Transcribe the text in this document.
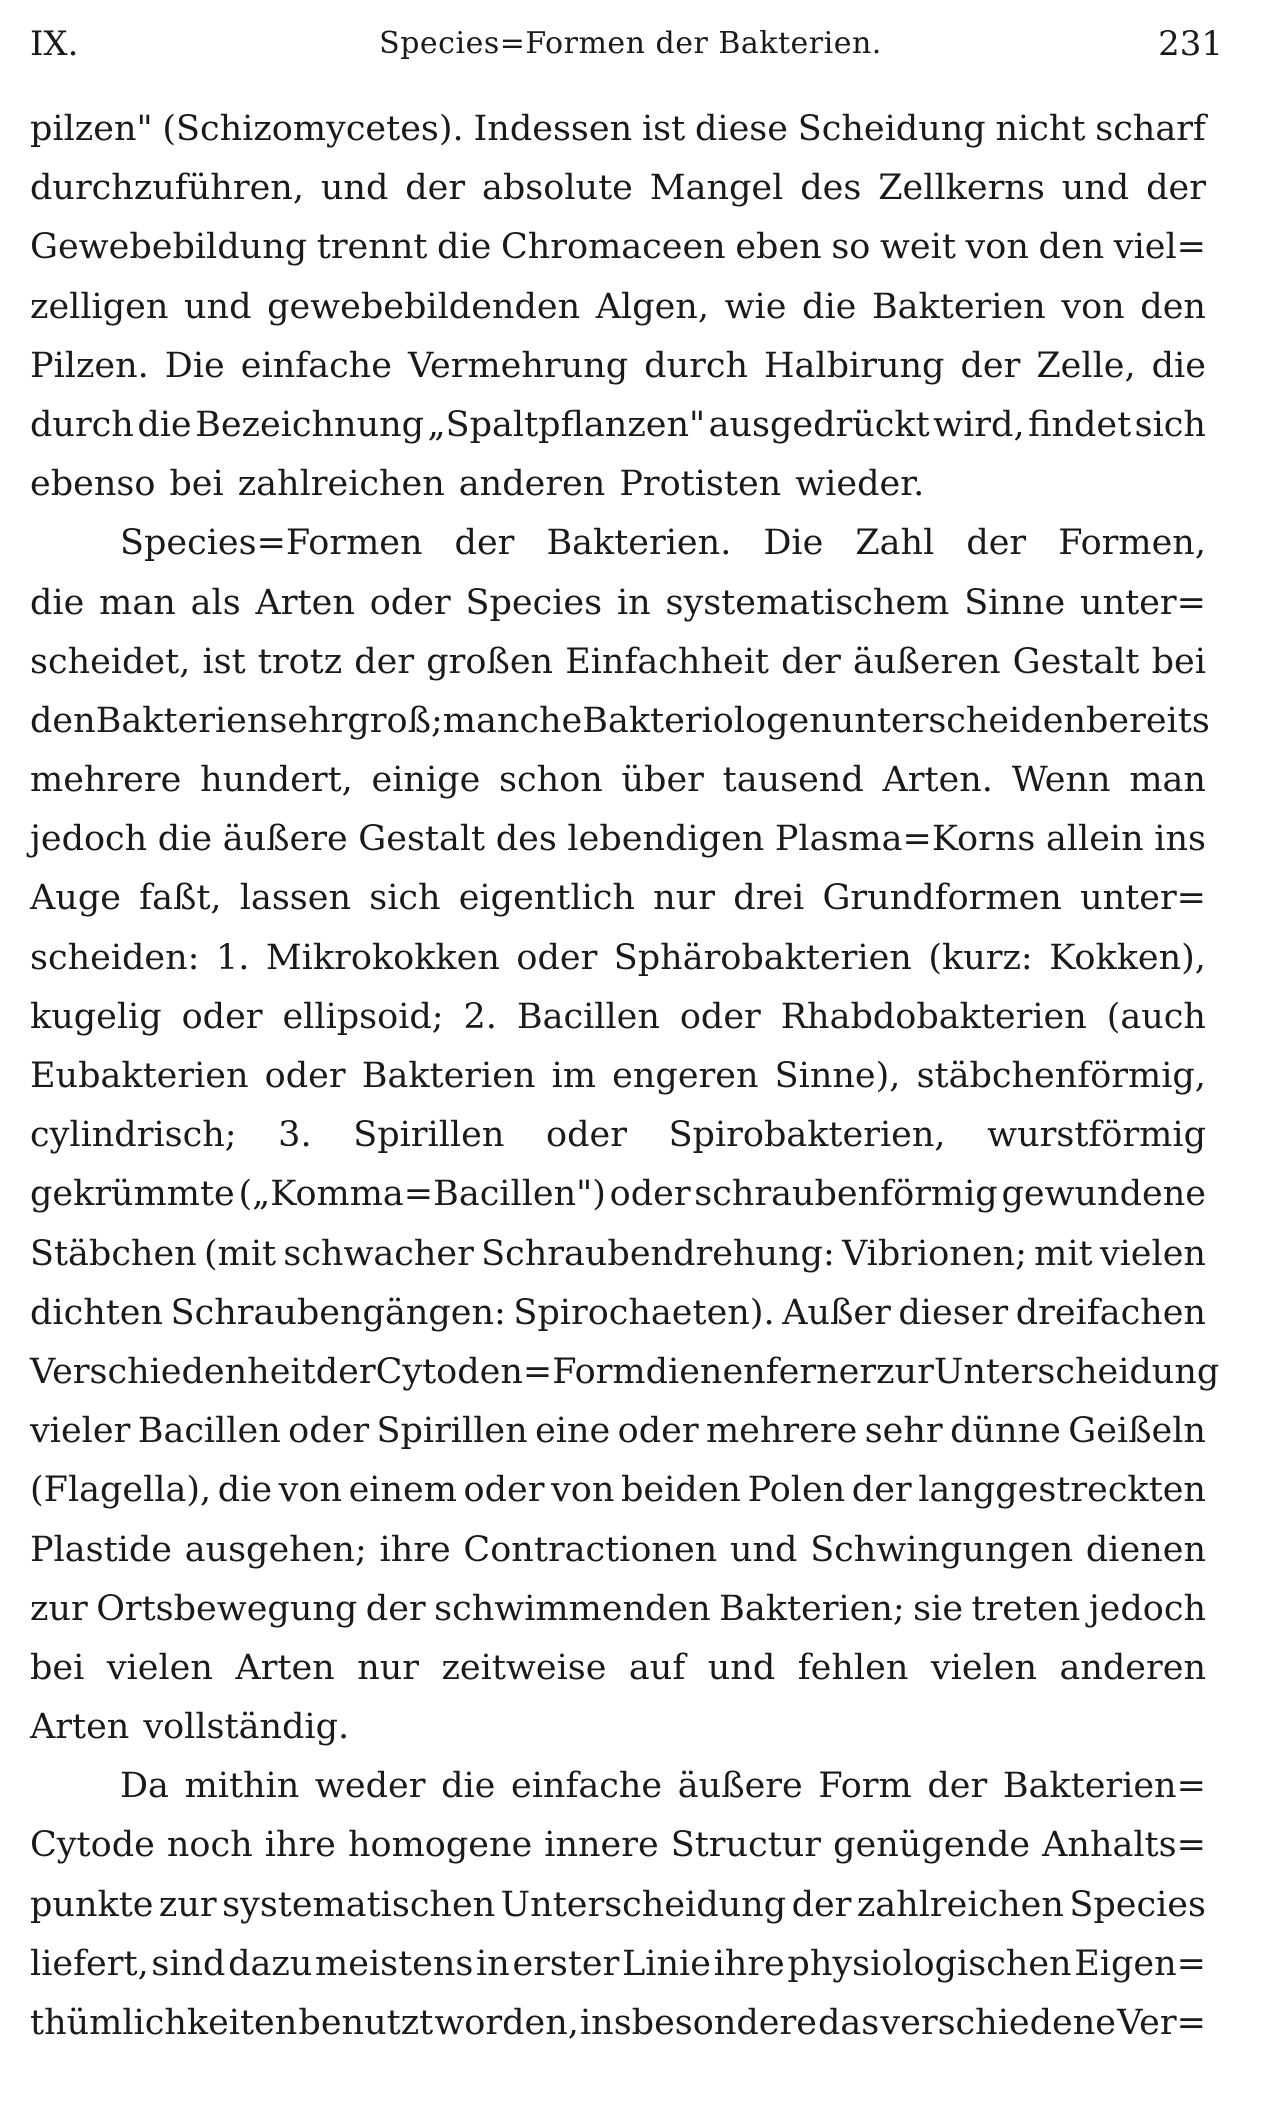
IX.	Species=Formen der Bakterien.	231
pilzen" (Schizomycetes). Indessen ist diese Scheidung nicht scharf
durchzuführen, und der absolute Mangel des Zellkerns und der
Gewebebildung trennt die Chromaceen eben so weit von den viel=
zelligen und gewebebildenden Algen, wie die Bakterien von den
Pilzen. Die einfache Vermehrung durch Halbirung der Zelle, die
durch die Bezeichnung „Spaltpflanzen" ausgedrückt wird, findet sich
ebenso bei zahlreichen anderen Protisten wieder.
Species=Formen der Bakterien. Die Zahl der Formen,
die man als Arten oder Species in systematischem Sinne unter=
scheidet, ist trotz der großen Einfachheit der äußeren Gestalt bei
den Bakterien sehr groß; manche Bakteriologen unterscheiden bereits
mehrere hundert, einige schon über tausend Arten. Wenn man
jedoch die äußere Gestalt des lebendigen Plasma=Korns allein ins
Auge faßt, lassen sich eigentlich nur drei Grundformen unter=
scheiden: 1. Mikrokokken oder Sphärobakterien (kurz: Kokken),
kugelig oder ellipsoid; 2. Bacillen oder Rhabdobakterien (auch
Eubakterien oder Bakterien im engeren Sinne), stäbchenförmig,
cylindrisch; 3. Spirillen oder Spirobakterien, wurstförmig
gekrümmte („Komma=Bacillen") oder schraubenförmig gewundene
Stäbchen (mit schwacher Schraubendrehung: Vibrionen; mit vielen
dichten Schraubengängen: Spirochaeten). Außer dieser dreifachen
Verschiedenheit der Cytoden=Form dienen ferner zur Unterscheidung
vieler Bacillen oder Spirillen eine oder mehrere sehr dünne Geißeln
(Flagella), die von einem oder von beiden Polen der langgestreckten
Plastide ausgehen; ihre Contractionen und Schwingungen dienen
zur Ortsbewegung der schwimmenden Bakterien; sie treten jedoch
bei vielen Arten nur zeitweise auf und fehlen vielen anderen
Arten vollständig.
Da mithin weder die einfache äußere Form der Bakterien=
Cytode noch ihre homogene innere Structur genügende Anhalts=
punkte zur systematischen Unterscheidung der zahlreichen Species
liefert, sind dazu meistens in erster Linie ihre physiologischen Eigen=
thümlichkeiten benutzt worden, insbesondere das verschiedene Ver=
